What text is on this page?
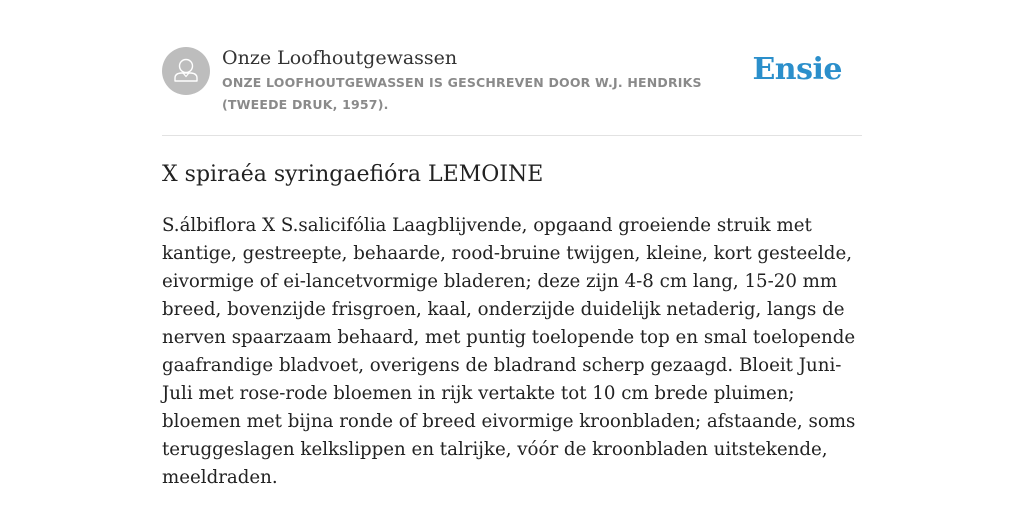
Onze Loofhoutgewassen
ONZE LOOFHOUTGEWASSEN IS GESCHREVEN DOOR W.J. HENDRIKS (TWEEDE DRUK, 1957).
Ensie
X spiraéa syringaefióra LEMOINE

S.álbiflora X S.salicifólia Laagblijvende, opgaand groeiende struik met kantige, gestreepte, behaarde, rood-bruine twijgen, kleine, kort gesteelde, eivormige of ei-lancetvormige bladeren; deze zijn 4-8 cm lang, 15-20 mm breed, bovenzijde frisgroen, kaal, onderzijde duidelijk netaderig, langs de nerven spaarzaam behaard, met puntig toelopende top en smal toelopende gaafrandige bladvoet, overigens de bladrand scherp gezaagd. Bloeit Juni-Juli met rose-rode bloemen in rijk vertakte tot 10 cm brede pluimen; bloemen met bijna ronde of breed eivormige kroonbladen; afstaande, soms teruggeslagen kelkslippen en talrijke, vóór de kroonbladen uitstekende, meeldraden.
